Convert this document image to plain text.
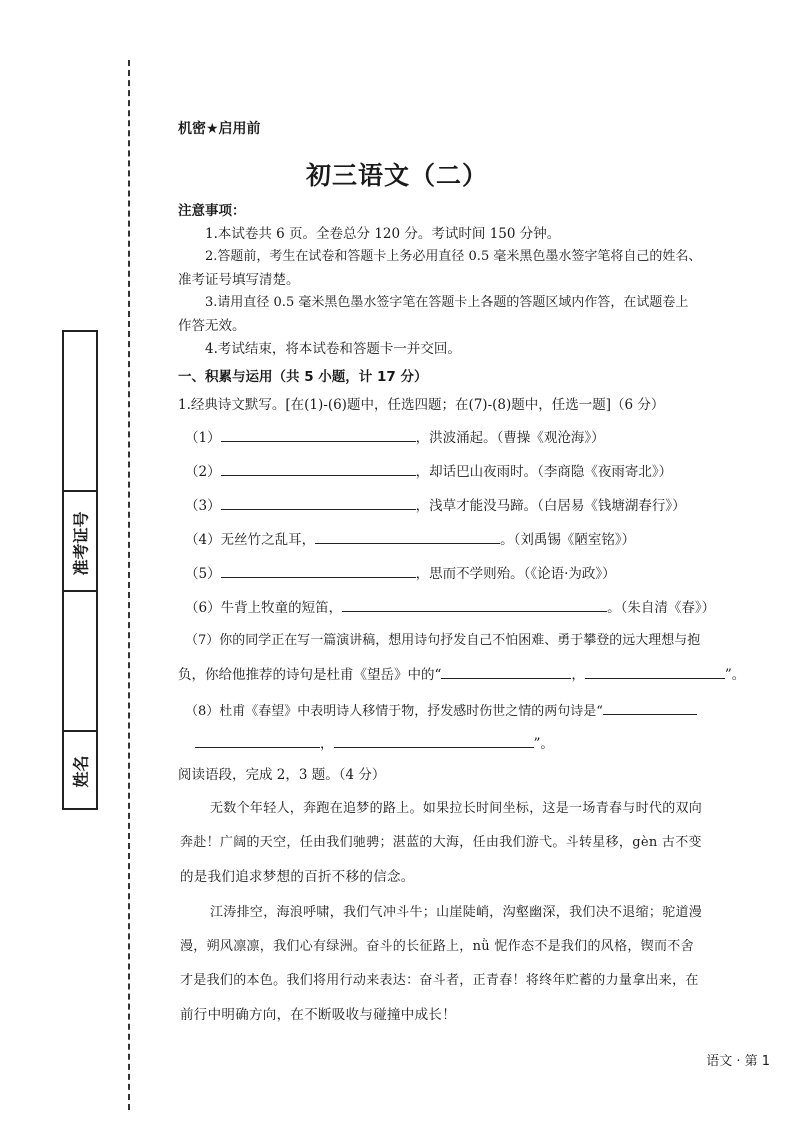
准考证号
姓名
机密★启用前
初三语文（二）
注意事项：
1.本试卷共 6 页。全卷总分 120 分。考试时间 150 分钟。
2.答题前，考生在试卷和答题卡上务必用直径 0.5 毫米黑色墨水签字笔将自己的姓名、
准考证号填写清楚。
3.请用直径 0.5 毫米黑色墨水签字笔在答题卡上各题的答题区域内作答，在试题卷上
作答无效。
4.考试结束，将本试卷和答题卡一并交回。
一、积累与运用（共 5 小题，计 17 分）
1.经典诗文默写。[在(1)-(6)题中，任选四题；在(7)-(8)题中，任选一题]（6 分）
（1）	，洪波涌起。（曹操《观沧海》）
（2）	，却话巴山夜雨时。（李商隐《夜雨寄北》）
（3）	，浅草才能没马蹄。（白居易《钱塘湖春行》）
（4）无丝竹之乱耳，	。（刘禹锡《陋室铭》）
（5）	，思而不学则殆。（《论语·为政》）
（6）牛背上牧童的短笛，	。（朱自清《春》）
（7）你的同学正在写一篇演讲稿，想用诗句抒发自己不怕困难、勇于攀登的远大理想与抱
负，你给他推荐的诗句是杜甫《望岳》中的“	，	”。
（8）杜甫《春望》中表明诗人移情于物，抒发感时伤世之情的两句诗是“
，	”。
阅读语段，完成 2，3 题。（4 分）
无数个年轻人，奔跑在追梦的路上。如果拉长时间坐标，这是一场青春与时代的双向
奔赴！广阔的天空，任由我们驰骋；湛蓝的大海，任由我们游弋。斗转星移，gèn 古不变
的是我们追求梦想的百折不移的信念。
江涛排空，海浪呼啸，我们气冲斗牛；山崖陡峭，沟壑幽深，我们决不退缩；驼道漫
漫，朔风凛凛，我们心有绿洲。奋斗的长征路上，nǜ 怩作态不是我们的风格，锲而不舍
才是我们的本色。我们将用行动来表达：奋斗者，正青春！将终年贮蓄的力量拿出来，在
前行中明确方向，在不断吸收与碰撞中成长！
语文 · 第 1
